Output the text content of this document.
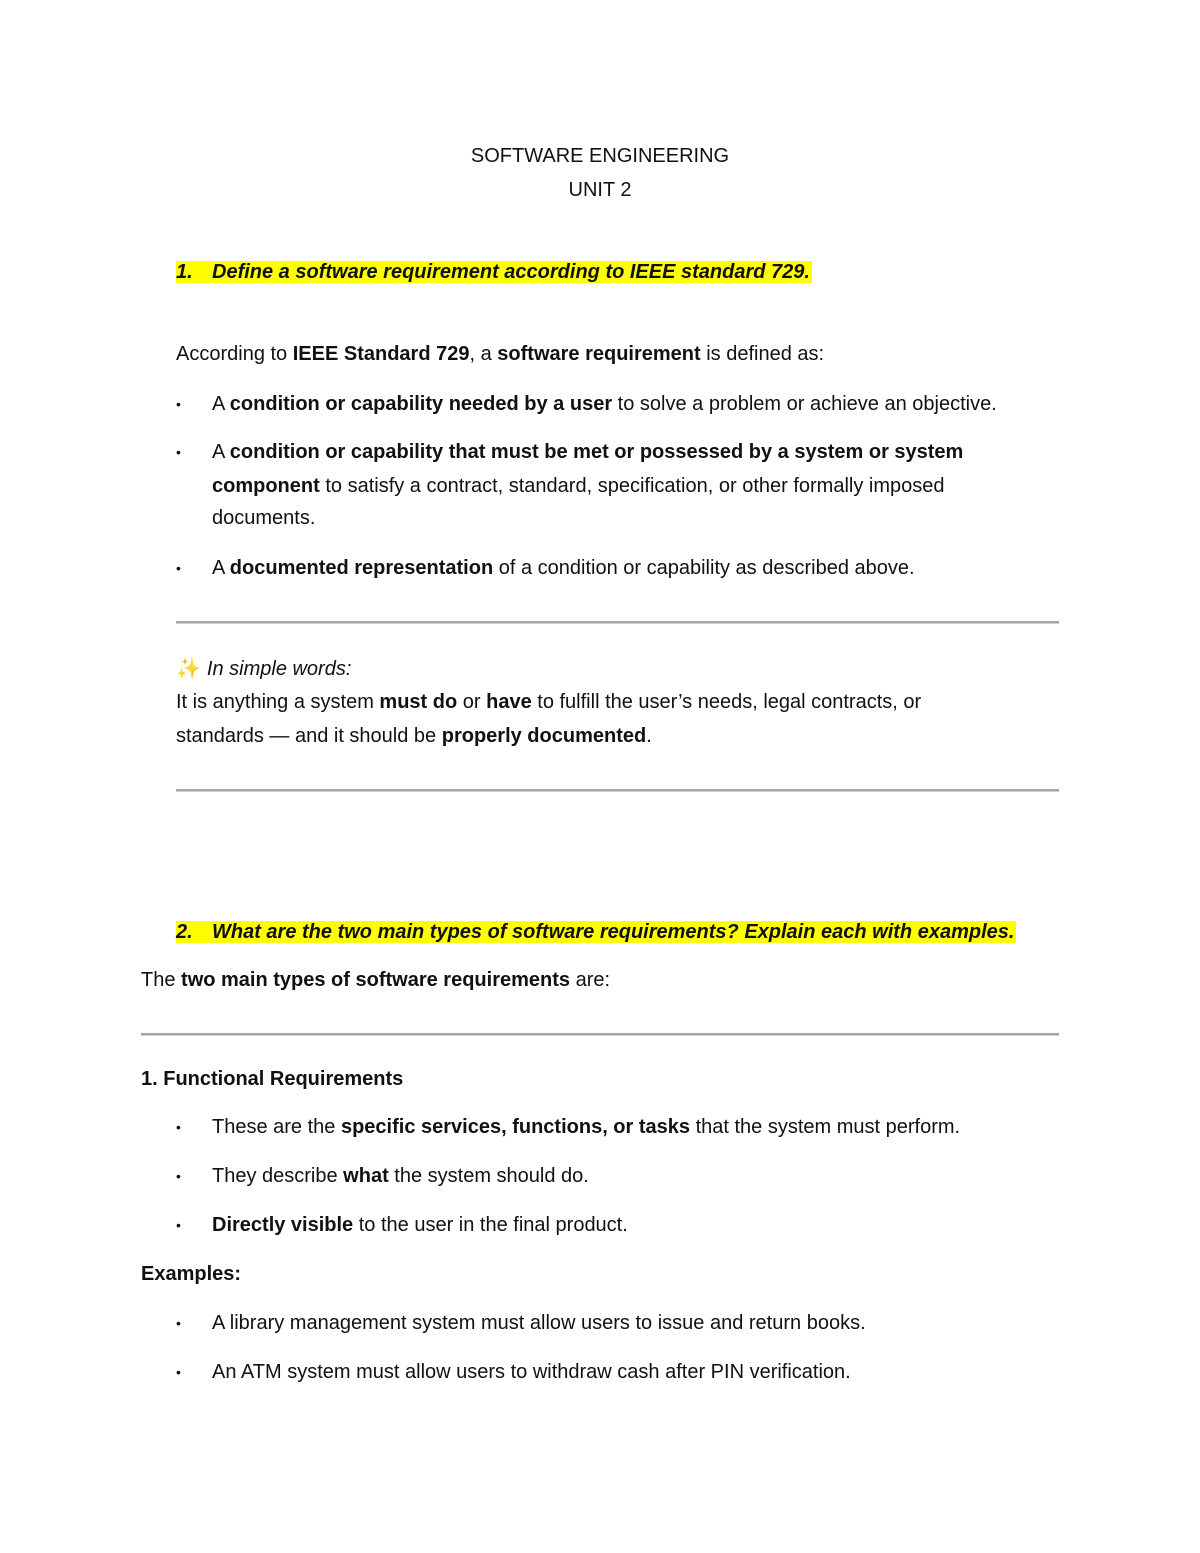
SOFTWARE ENGINEERING
UNIT 2
1. Define a software requirement according to IEEE standard 729.
According to IEEE Standard 729, a software requirement is defined as:
• A condition or capability needed by a user to solve a problem or achieve an objective.
• A condition or capability that must be met or possessed by a system or system
component to satisfy a contract, standard, specification, or other formally imposed
documents.
• A documented representation of a condition or capability as described above.
✨ In simple words:
It is anything a system must do or have to fulfill the user’s needs, legal contracts, or
standards — and it should be properly documented.
2. What are the two main types of software requirements? Explain each with examples.
The two main types of software requirements are:
1. Functional Requirements
• These are the specific services, functions, or tasks that the system must perform.
• They describe what the system should do.
• Directly visible to the user in the final product.
Examples:
• A library management system must allow users to issue and return books.
• An ATM system must allow users to withdraw cash after PIN verification.
